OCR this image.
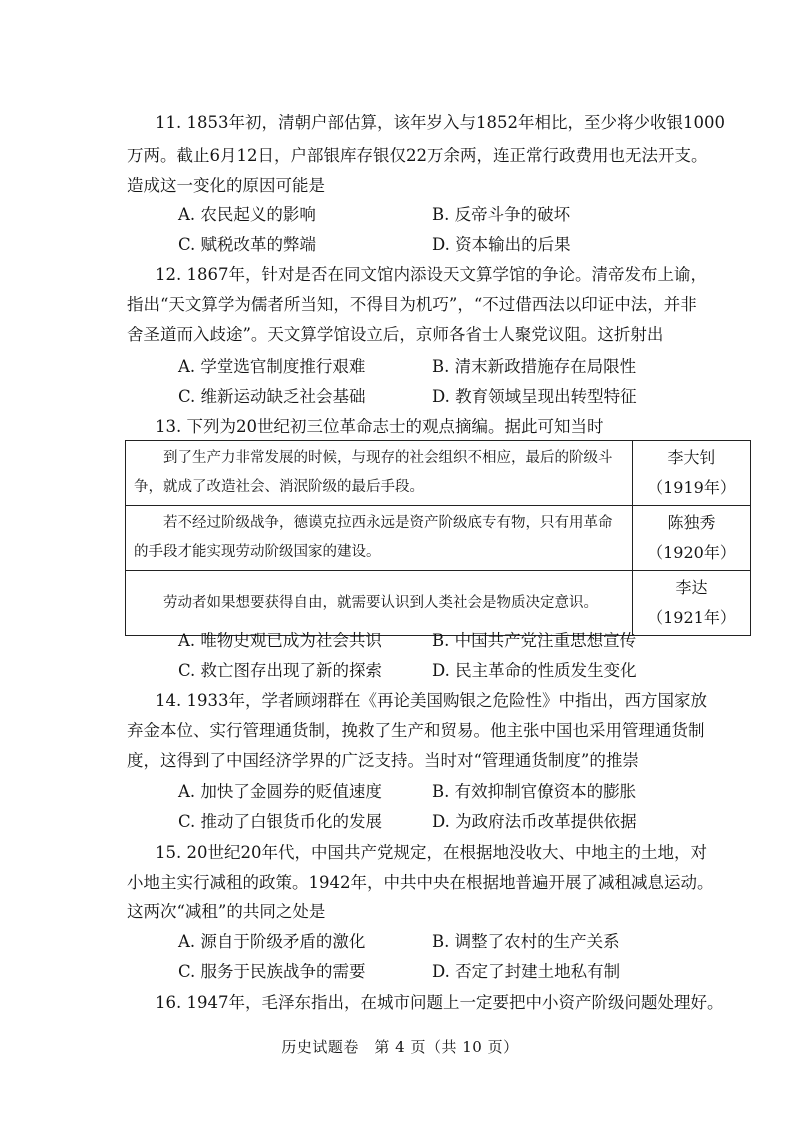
11. 1853年初，清朝户部估算，该年岁入与1852年相比，至少将少收银1000
万两。截止6月12日，户部银库存银仅22万余两，连正常行政费用也无法开支。
造成这一变化的原因可能是
A. 农民起义的影响	B. 反帝斗争的破坏
C. 赋税改革的弊端	D. 资本输出的后果
12. 1867年，针对是否在同文馆内添设天文算学馆的争论。清帝发布上谕，
指出“天文算学为儒者所当知，不得目为机巧”，“不过借西法以印证中法，并非
舍圣道而入歧途”。天文算学馆设立后，京师各省士人聚党议阻。这折射出
A. 学堂选官制度推行艰难	B. 清末新政措施存在局限性
C. 维新运动缺乏社会基础	D. 教育领域呈现出转型特征
13. 下列为20世纪初三位革命志士的观点摘编。据此可知当时
到了生产力非常发展的时候，与现存的社会组织不相应，最后的阶级斗争，就成了改造社会、消泯阶级的最后手段。	李大钊
（1919年）

若不经过阶级战争，德谟克拉西永远是资产阶级底专有物，只有用革命的手段才能实现劳动阶级国家的建设。	陈独秀
（1920年）

劳动者如果想要获得自由，就需要认识到人类社会是物质决定意识。	李达
（1921年）
A. 唯物史观已成为社会共识	B. 中国共产党注重思想宣传
C. 救亡图存出现了新的探索	D. 民主革命的性质发生变化
14. 1933年，学者顾翊群在《再论美国购银之危险性》中指出，西方国家放
弃金本位、实行管理通货制，挽救了生产和贸易。他主张中国也采用管理通货制
度，这得到了中国经济学界的广泛支持。当时对“管理通货制度”的推崇
A. 加快了金圆券的贬值速度	B. 有效抑制官僚资本的膨胀
C. 推动了白银货币化的发展	D. 为政府法币改革提供依据
15. 20世纪20年代，中国共产党规定，在根据地没收大、中地主的土地，对
小地主实行减租的政策。1942年，中共中央在根据地普遍开展了减租减息运动。
这两次“减租”的共同之处是
A. 源自于阶级矛盾的激化	B. 调整了农村的生产关系
C. 服务于民族战争的需要	D. 否定了封建土地私有制
16. 1947年，毛泽东指出，在城市问题上一定要把中小资产阶级问题处理好。
历史试题卷　第 4 页（共 10 页）
